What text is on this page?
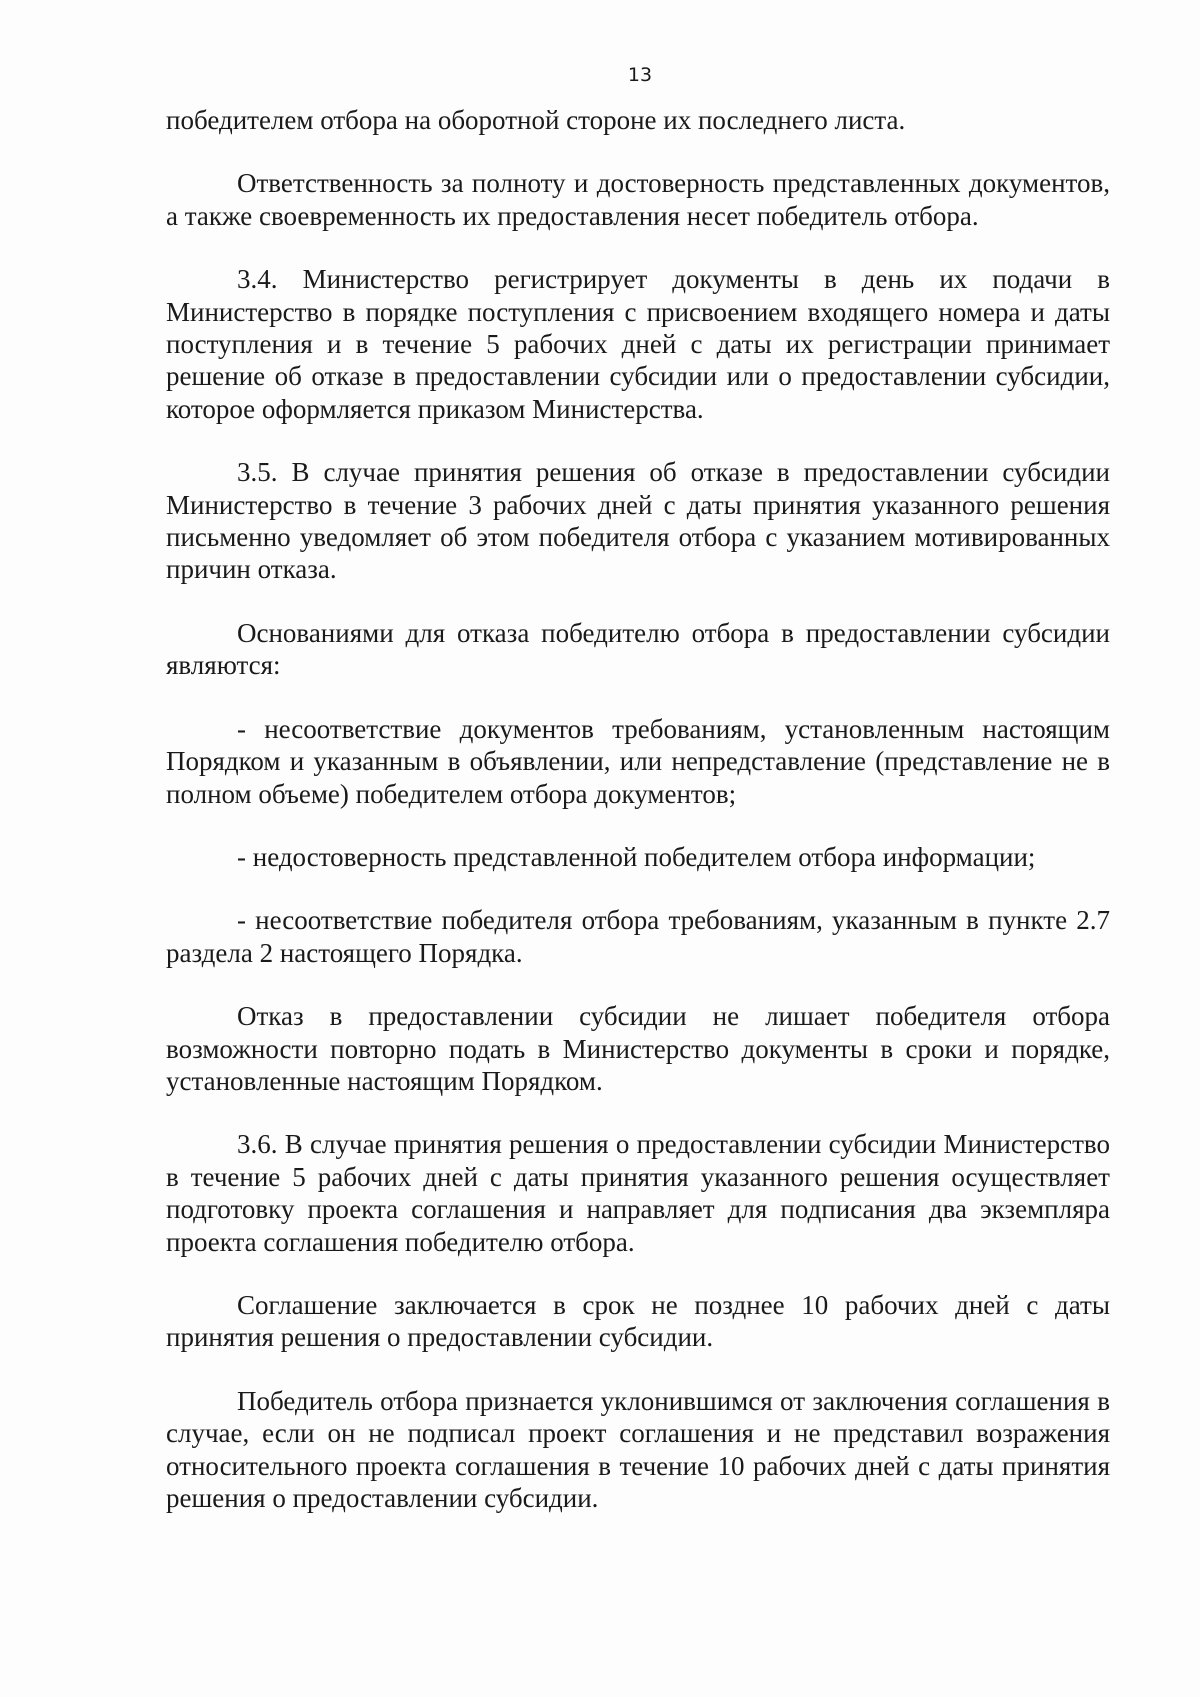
13

победителем отбора на оборотной стороне их последнего листа.

Ответственность за полноту и достоверность представленных документов, а также своевременность их предоставления несет победитель отбора.

3.4. Министерство регистрирует документы в день их подачи в Министерство в порядке поступления с присвоением входящего номера и даты поступления и в течение 5 рабочих дней с даты их регистрации принимает решение об отказе в предоставлении субсидии или о предоставлении субсидии, которое оформляется приказом Министерства.

3.5. В случае принятия решения об отказе в предоставлении субсидии Министерство в течение 3 рабочих дней с даты принятия указанного решения письменно уведомляет об этом победителя отбора с указанием мотивированных причин отказа.

Основаниями для отказа победителю отбора в предоставлении субсидии являются:

- несоответствие документов требованиям, установленным настоящим Порядком и указанным в объявлении, или непредставление (представление не в полном объеме) победителем отбора документов;

- недостоверность представленной победителем отбора информации;

- несоответствие победителя отбора требованиям, указанным в пункте 2.7 раздела 2 настоящего Порядка.

Отказ в предоставлении субсидии не лишает победителя отбора возможности повторно подать в Министерство документы в сроки и порядке, установленные настоящим Порядком.

3.6. В случае принятия решения о предоставлении субсидии Министерство в течение 5 рабочих дней с даты принятия указанного решения осуществляет подготовку проекта соглашения и направляет для подписания два экземпляра проекта соглашения победителю отбора.

Соглашение заключается в срок не позднее 10 рабочих дней с даты принятия решения о предоставлении субсидии.

Победитель отбора признается уклонившимся от заключения соглашения в случае, если он не подписал проект соглашения и не представил возражения относительного проекта соглашения в течение 10 рабочих дней с даты принятия решения о предоставлении субсидии.
